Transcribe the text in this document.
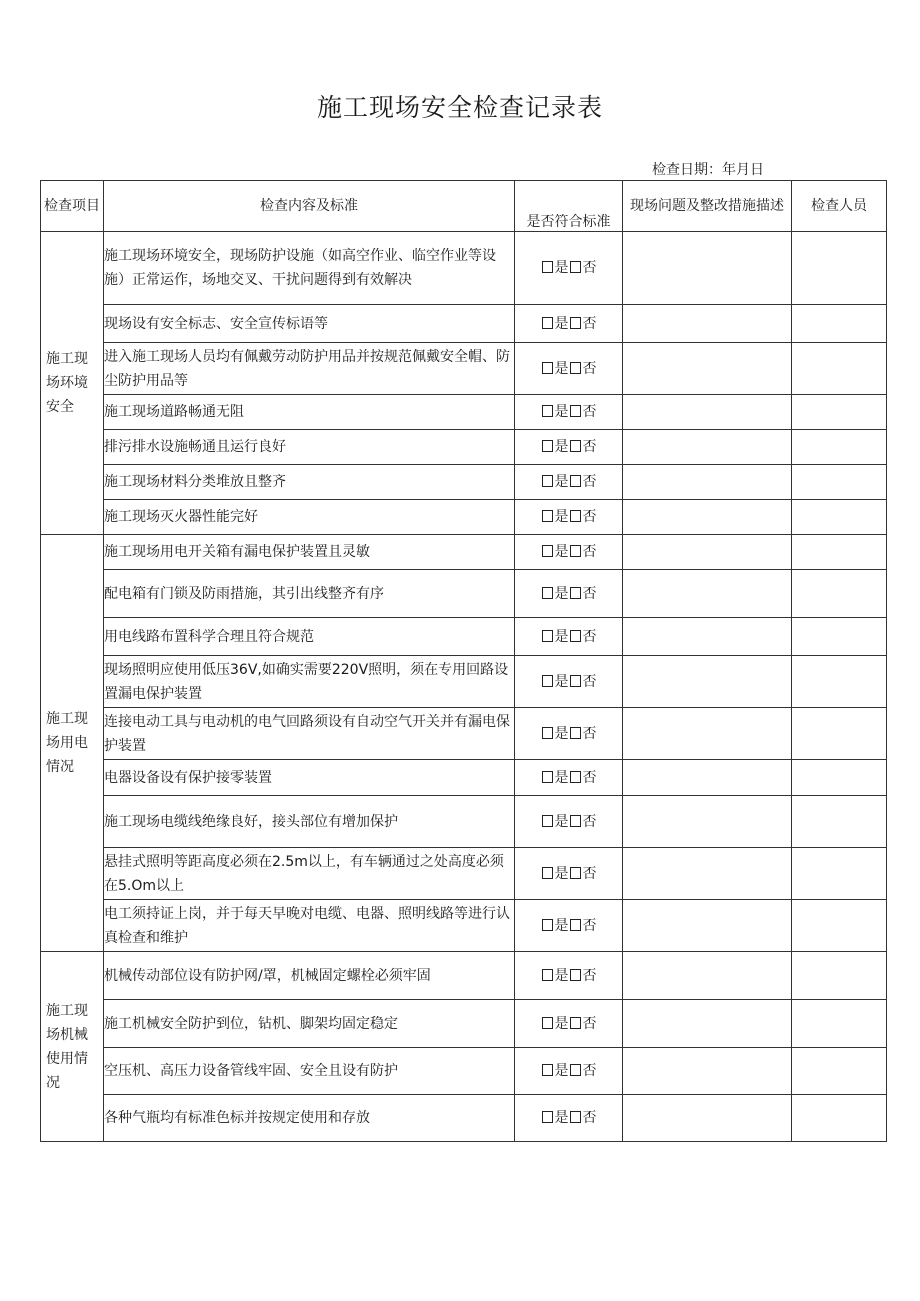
施工现场安全检查记录表
检查日期：年月日
检查项目	检查内容及标准	是否符合标准	现场问题及整改措施描述	检查人员

施工现场环境安全	施工现场环境安全，现场防护设施（如高空作业、临空作业等设施）正常运作，场地交叉、干扰问题得到有效解决	是 否		
	现场设有安全标志、安全宣传标语等	是 否		
	进入施工现场人员均有佩戴劳动防护用品并按规范佩戴安全帽、防尘防护用品等	是 否		
	施工现场道路畅通无阻	是 否		
	排污排水设施畅通且运行良好	是 否		
	施工现场材料分类堆放且整齐	是 否		
	施工现场灭火器性能完好	是 否		

施工现场用电情况	施工现场用电开关箱有漏电保护装置且灵敏	是 否		
	配电箱有门锁及防雨措施，其引出线整齐有序	是 否		
	用电线路布置科学合理且符合规范	是 否		
	现场照明应使用低压36V,如确实需要220V照明，须在专用回路设置漏电保护装置	是 否		
	连接电动工具与电动机的电气回路须设有自动空气开关并有漏电保护装置	是 否		
	电器设备设有保护接零装置	是 否		
	施工现场电缆线绝缘良好，接头部位有增加保护	是 否		
	悬挂式照明等距高度必须在2.5m以上，有车辆通过之处高度必须在5.Om以上	是 否		
	电工须持证上岗，并于每天早晚对电缆、电器、照明线路等进行认真检查和维护	是 否		

施工现场机械使用情况	机械传动部位设有防护网/罩，机械固定螺栓必须牢固	是 否		
	施工机械安全防护到位，钻机、脚架均固定稳定	是 否		
	空压机、高压力设备管线牢固、安全且设有防护	是 否		
	各种气瓶均有标准色标并按规定使用和存放	是 否		
